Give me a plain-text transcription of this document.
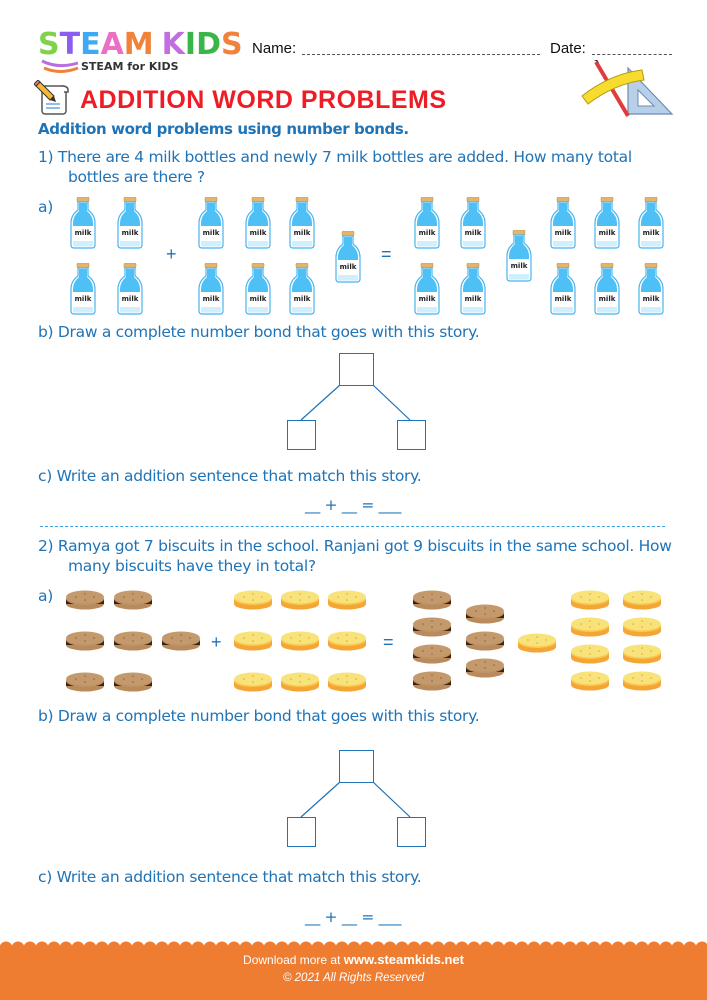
S T E A M K I D S
STEAM for KIDS
Name:	Date:
ADDITION WORD PROBLEMS
Addition word problems using number bonds.
1) There are 4 milk bottles and newly 7 milk bottles are added. How many total
bottles are there ?
a)
+	=
b) Draw a complete number bond that goes with this story.
c) Write an addition sentence that match this story.
__ + __ = ___
2) Ramya got 7 biscuits in the school. Ranjani got 9 biscuits in the same school. How
many biscuits have they in total?
a)
+	=
b) Draw a complete number bond that goes with this story.
c) Write an addition sentence that match this story.
__ + __ = ___
Download more at www.steamkids.net
© 2021 All Rights Reserved
